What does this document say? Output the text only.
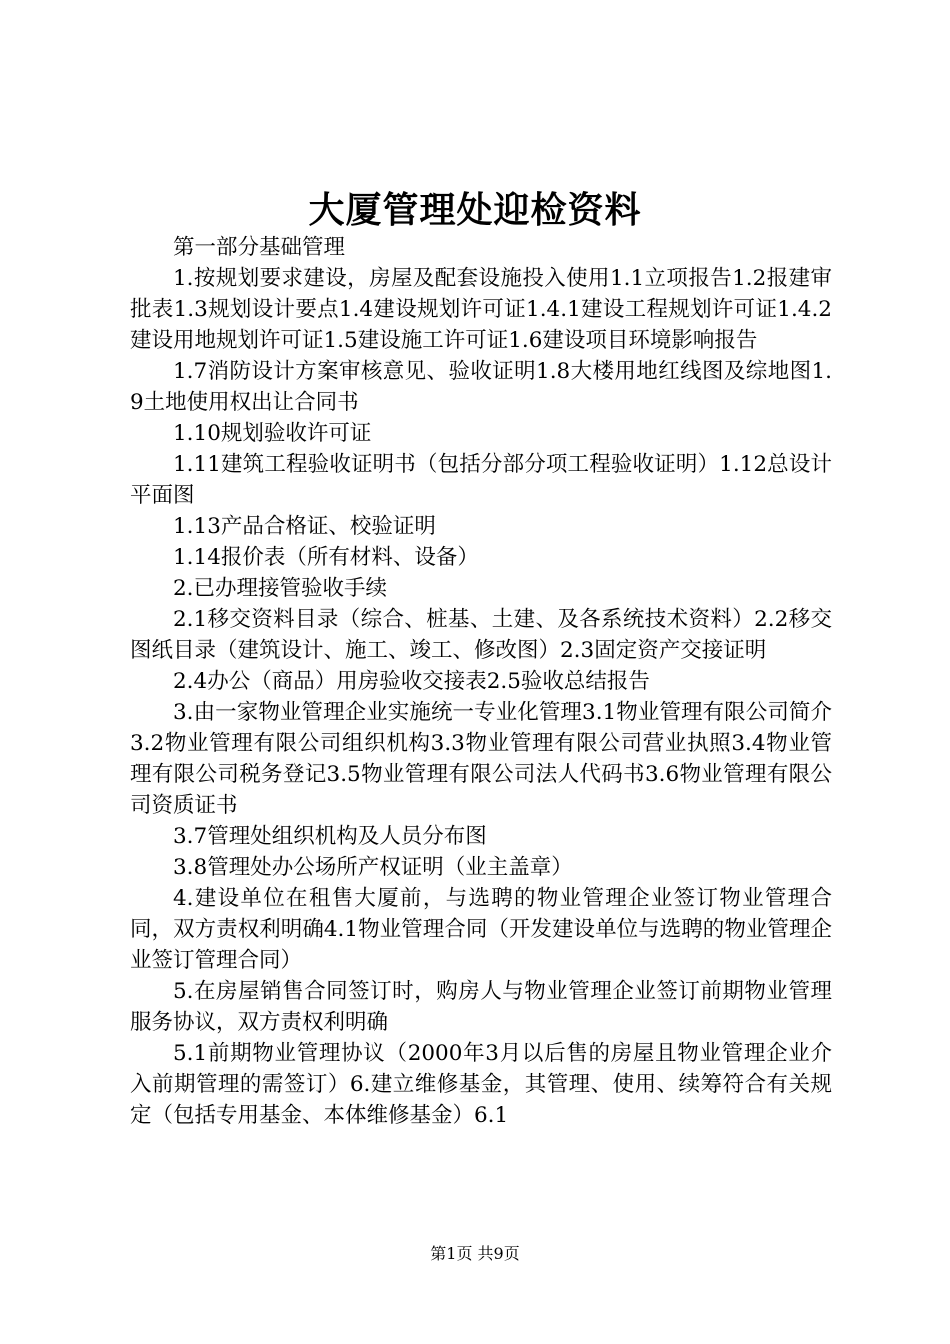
大厦管理处迎检资料

第一部分基础管理

1.按规划要求建设，房屋及配套设施投入使用1.1立项报告1.2报建审批表1.3规划设计要点1.4建设规划许可证1.4.1建设工程规划许可证1.4.2建设用地规划许可证1.5建设施工许可证1.6建设项目环境影响报告

1.7消防设计方案审核意见、验收证明1.8大楼用地红线图及综地图1.9土地使用权出让合同书

1.10规划验收许可证

1.11建筑工程验收证明书（包括分部分项工程验收证明）1.12总设计平面图

1.13产品合格证、校验证明

1.14报价表（所有材料、设备）

2.已办理接管验收手续

2.1移交资料目录（综合、桩基、土建、及各系统技术资料）2.2移交图纸目录（建筑设计、施工、竣工、修改图）2.3固定资产交接证明

2.4办公（商品）用房验收交接表2.5验收总结报告

3.由一家物业管理企业实施统一专业化管理3.1物业管理有限公司简介3.2物业管理有限公司组织机构3.3物业管理有限公司营业执照3.4物业管理有限公司税务登记3.5物业管理有限公司法人代码书3.6物业管理有限公司资质证书

3.7管理处组织机构及人员分布图

3.8管理处办公场所产权证明（业主盖章）

4.建设单位在租售大厦前，与选聘的物业管理企业签订物业管理合同，双方责权利明确4.1物业管理合同（开发建设单位与选聘的物业管理企业签订管理合同）

5.在房屋销售合同签订时，购房人与物业管理企业签订前期物业管理服务协议，双方责权利明确

5.1前期物业管理协议（2000年3月以后售的房屋且物业管理企业介入前期管理的需签订）6.建立维修基金，其管理、使用、续筹符合有关规定（包括专用基金、本体维修基金）6.1

第1页 共9页
